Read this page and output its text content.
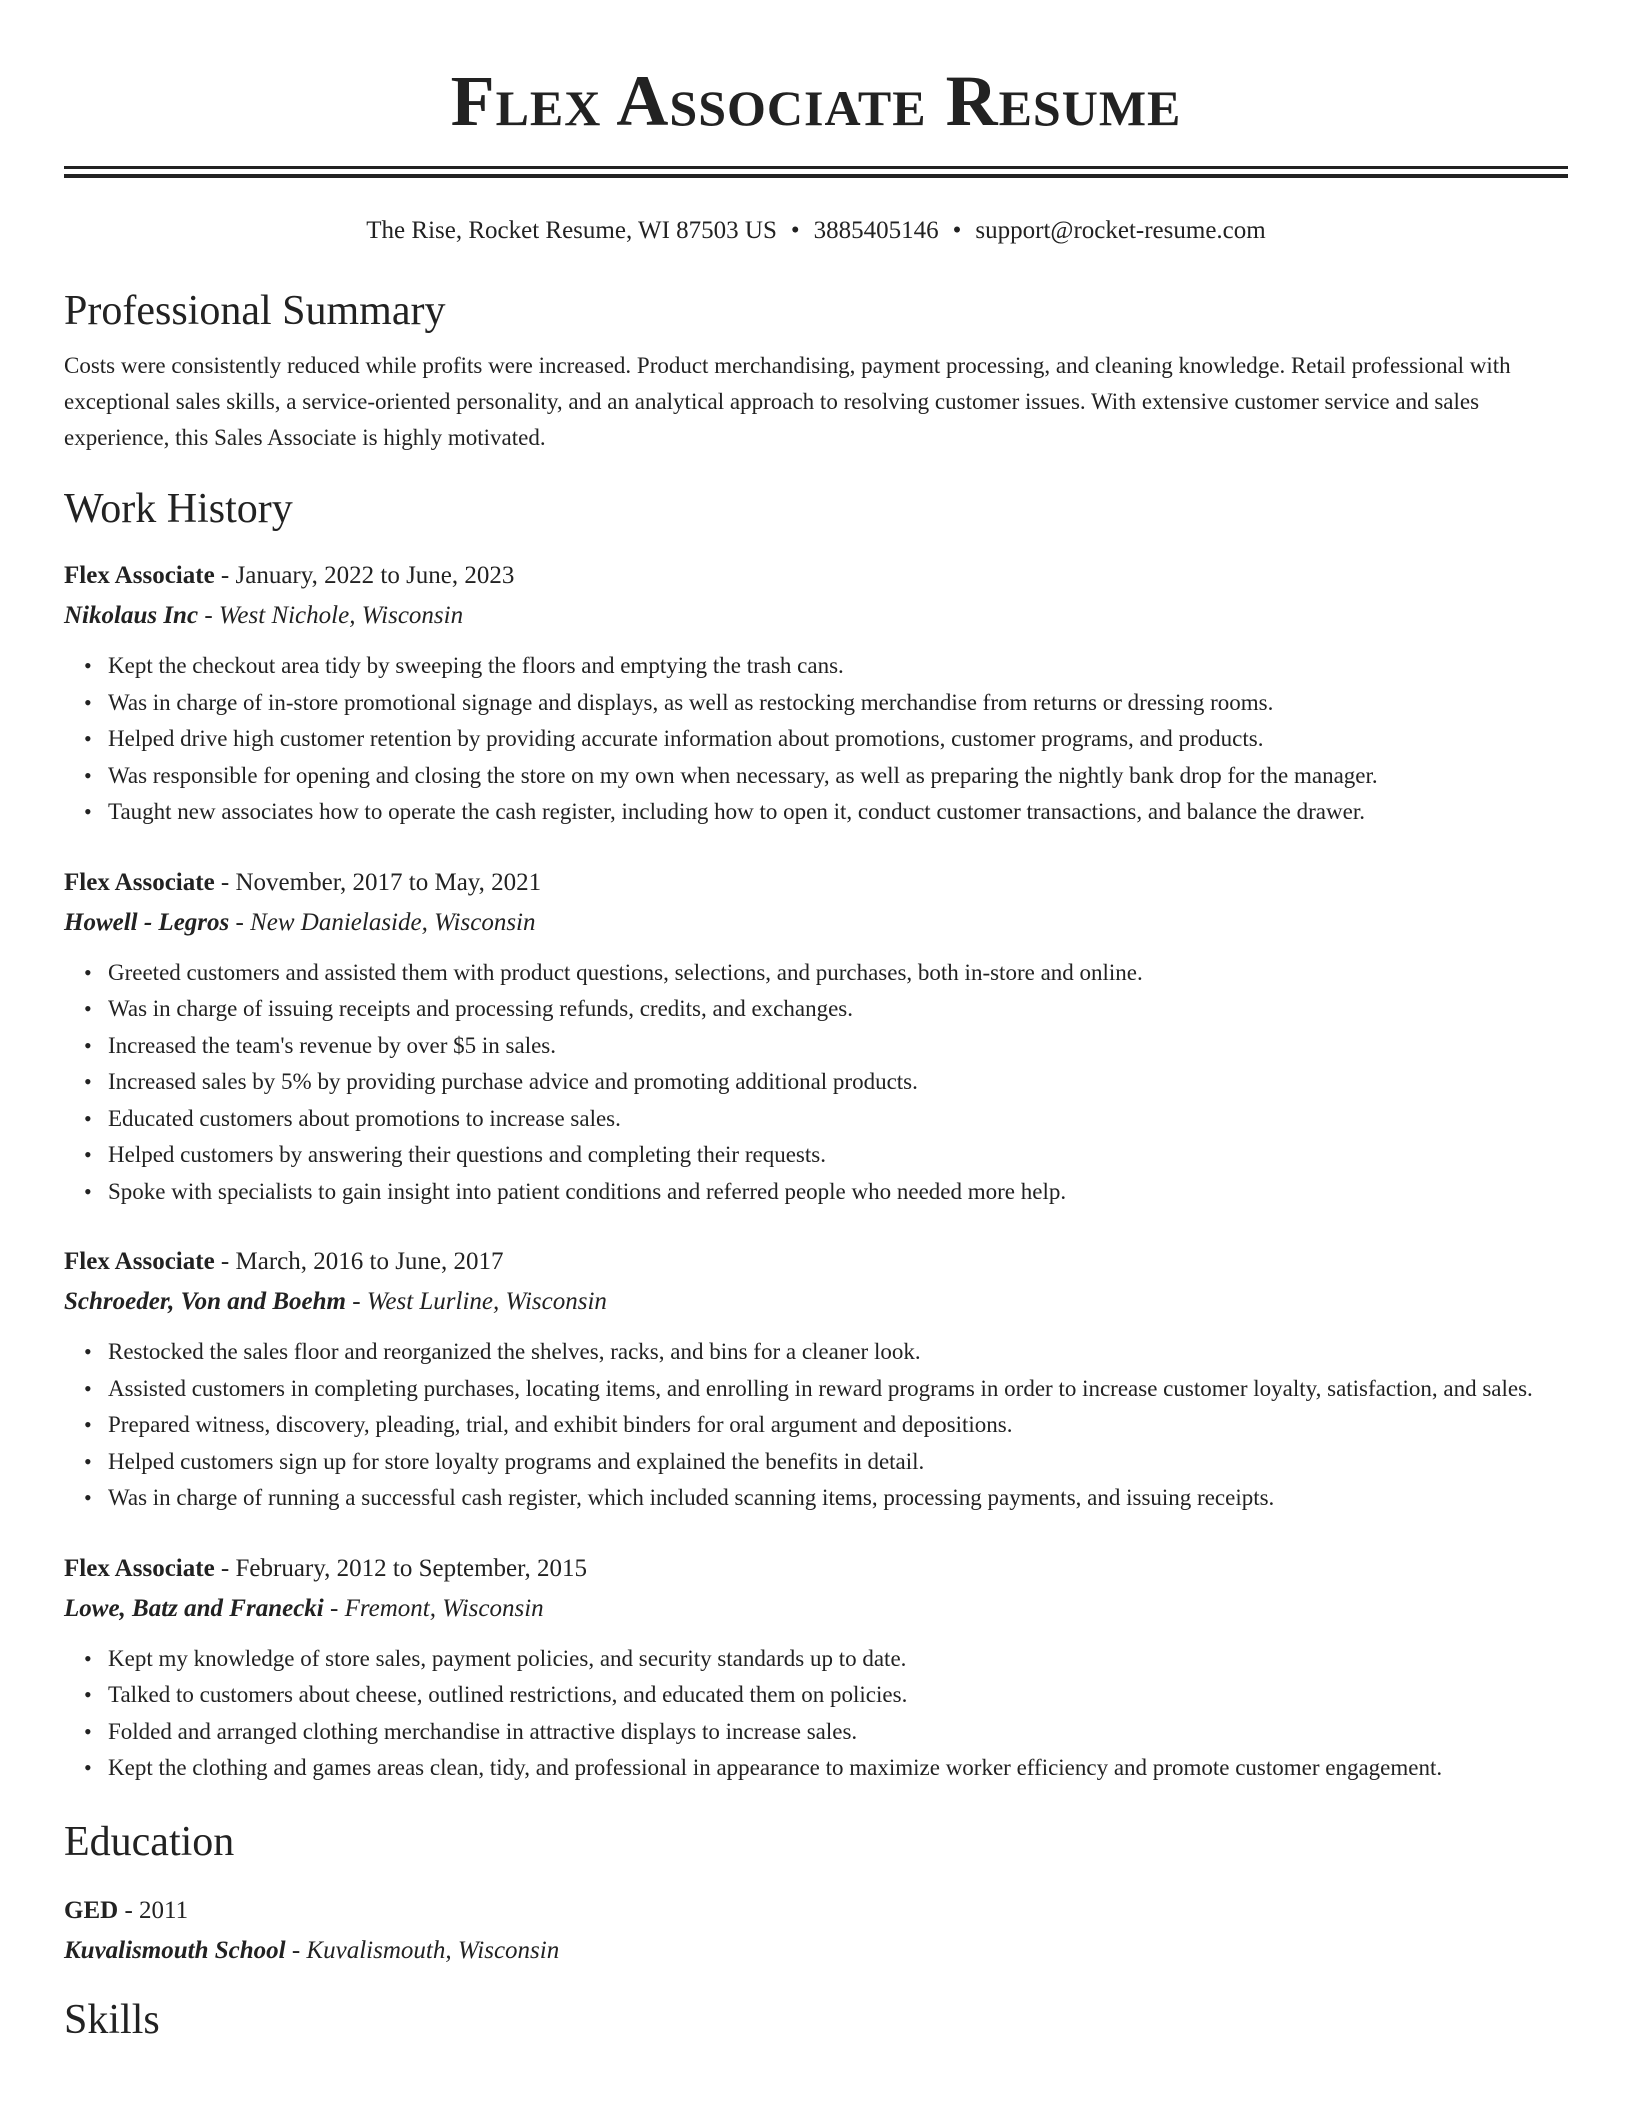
Flex Associate Resume
The Rise, Rocket Resume, WI 87503 US • 3885405146 • support@rocket-resume.com
Professional Summary

Costs were consistently reduced while profits were increased. Product merchandising, payment processing, and cleaning knowledge. Retail professional with exceptional sales skills, a service-oriented personality, and an analytical approach to resolving customer issues. With extensive customer service and sales experience, this Sales Associate is highly motivated.

Work History
Flex Associate - January, 2022 to June, 2023
Nikolaus Inc - West Nichole, Wisconsin
• Kept the checkout area tidy by sweeping the floors and emptying the trash cans.
• Was in charge of in-store promotional signage and displays, as well as restocking merchandise from returns or dressing rooms.
• Helped drive high customer retention by providing accurate information about promotions, customer programs, and products.
• Was responsible for opening and closing the store on my own when necessary, as well as preparing the nightly bank drop for the manager.
• Taught new associates how to operate the cash register, including how to open it, conduct customer transactions, and balance the drawer.
Flex Associate - November, 2017 to May, 2021
Howell - Legros - New Danielaside, Wisconsin
• Greeted customers and assisted them with product questions, selections, and purchases, both in-store and online.
• Was in charge of issuing receipts and processing refunds, credits, and exchanges.
• Increased the team's revenue by over $5 in sales.
• Increased sales by 5% by providing purchase advice and promoting additional products.
• Educated customers about promotions to increase sales.
• Helped customers by answering their questions and completing their requests.
• Spoke with specialists to gain insight into patient conditions and referred people who needed more help.
Flex Associate - March, 2016 to June, 2017
Schroeder, Von and Boehm - West Lurline, Wisconsin
• Restocked the sales floor and reorganized the shelves, racks, and bins for a cleaner look.
• Assisted customers in completing purchases, locating items, and enrolling in reward programs in order to increase customer loyalty, satisfaction, and sales.
• Prepared witness, discovery, pleading, trial, and exhibit binders for oral argument and depositions.
• Helped customers sign up for store loyalty programs and explained the benefits in detail.
• Was in charge of running a successful cash register, which included scanning items, processing payments, and issuing receipts.
Flex Associate - February, 2012 to September, 2015
Lowe, Batz and Franecki - Fremont, Wisconsin
• Kept my knowledge of store sales, payment policies, and security standards up to date.
• Talked to customers about cheese, outlined restrictions, and educated them on policies.
• Folded and arranged clothing merchandise in attractive displays to increase sales.
• Kept the clothing and games areas clean, tidy, and professional in appearance to maximize worker efficiency and promote customer engagement.
Education
GED - 2011
Kuvalismouth School - Kuvalismouth, Wisconsin
Skills
